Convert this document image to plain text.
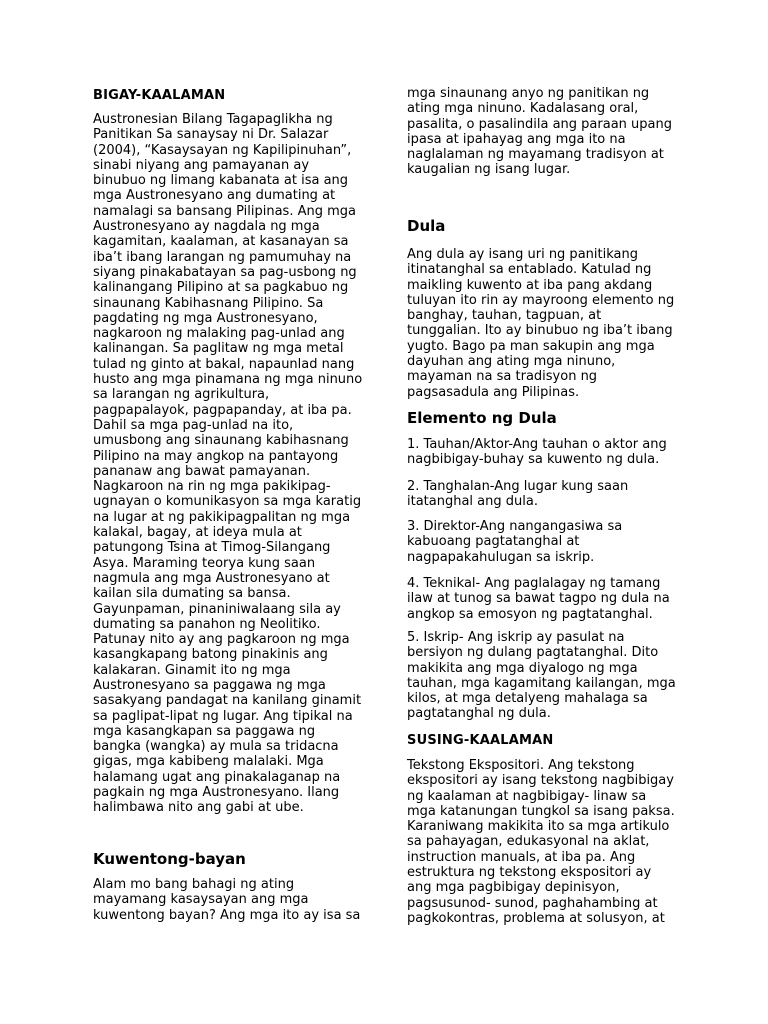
BIGAY-KAALAMAN

Austronesian Bilang Tagapaglikha ng
Panitikan Sa sanaysay ni Dr. Salazar
(2004), “Kasaysayan ng Kapilipinuhan”,
sinabi niyang ang pamayanan ay
binubuo ng limang kabanata at isa ang
mga Austronesyano ang dumating at
namalagi sa bansang Pilipinas. Ang mga
Austronesyano ay nagdala ng mga
kagamitan, kaalaman, at kasanayan sa
iba’t ibang larangan ng pamumuhay na
siyang pinakabatayan sa pag-usbong ng
kalinangang Pilipino at sa pagkabuo ng
sinaunang Kabihasnang Pilipino. Sa
pagdating ng mga Austronesyano,
nagkaroon ng malaking pag-unlad ang
kalinangan. Sa paglitaw ng mga metal
tulad ng ginto at bakal, napaunlad nang
husto ang mga pinamana ng mga ninuno
sa larangan ng agrikultura,
pagpapalayok, pagpapanday, at iba pa.
Dahil sa mga pag-unlad na ito,
umusbong ang sinaunang kabihasnang
Pilipino na may angkop na pantayong
pananaw ang bawat pamayanan.
Nagkaroon na rin ng mga pakikipag-
ugnayan o komunikasyon sa mga karatig
na lugar at ng pakikipagpalitan ng mga
kalakal, bagay, at ideya mula at
patungong Tsina at Timog-Silangang
Asya. Maraming teorya kung saan
nagmula ang mga Austronesyano at
kailan sila dumating sa bansa.
Gayunpaman, pinaniniwalaang sila ay
dumating sa panahon ng Neolitiko.
Patunay nito ay ang pagkaroon ng mga
kasangkapang batong pinakinis ang
kalakaran. Ginamit ito ng mga
Austronesyano sa paggawa ng mga
sasakyang pandagat na kanilang ginamit
sa paglipat-lipat ng lugar. Ang tipikal na
mga kasangkapan sa paggawa ng
bangka (wangka) ay mula sa tridacna
gigas, mga kabibeng malalaki. Mga
halamang ugat ang pinakalaganap na
pagkain ng mga Austronesyano. Ilang
halimbawa nito ang gabi at ube.

Kuwentong-bayan

Alam mo bang bahagi ng ating
mayamang kasaysayan ang mga
kuwentong bayan? Ang mga ito ay isa sa

mga sinaunang anyo ng panitikan ng
ating mga ninuno. Kadalasang oral,
pasalita, o pasalindila ang paraan upang
ipasa at ipahayag ang mga ito na
naglalaman ng mayamang tradisyon at
kaugalian ng isang lugar.

Dula

Ang dula ay isang uri ng panitikang
itinatanghal sa entablado. Katulad ng
maikling kuwento at iba pang akdang
tuluyan ito rin ay mayroong elemento ng
banghay, tauhan, tagpuan, at
tunggalian. Ito ay binubuo ng iba’t ibang
yugto. Bago pa man sakupin ang mga
dayuhan ang ating mga ninuno,
mayaman na sa tradisyon ng
pagsasadula ang Pilipinas.

Elemento ng Dula

1. Tauhan/Aktor-Ang tauhan o aktor ang
nagbibigay-buhay sa kuwento ng dula.

2. Tanghalan-Ang lugar kung saan
itatanghal ang dula.

3. Direktor-Ang nangangasiwa sa
kabuoang pagtatanghal at
nagpapakahulugan sa iskrip.

4. Teknikal- Ang paglalagay ng tamang
ilaw at tunog sa bawat tagpo ng dula na
angkop sa emosyon ng pagtatanghal.

5. Iskrip- Ang iskrip ay pasulat na
bersiyon ng dulang pagtatanghal. Dito
makikita ang mga diyalogo ng mga
tauhan, mga kagamitang kailangan, mga
kilos, at mga detalyeng mahalaga sa
pagtatanghal ng dula.

SUSING-KAALAMAN

Tekstong Ekspositori. Ang tekstong
ekspositori ay isang tekstong nagbibigay
ng kaalaman at nagbibigay- linaw sa
mga katanungan tungkol sa isang paksa.
Karaniwang makikita ito sa mga artikulo
sa pahayagan, edukasyonal na aklat,
instruction manuals, at iba pa. Ang
estruktura ng tekstong ekspositori ay
ang mga pagbibigay depinisyon,
pagsusunod- sunod, paghahambing at
pagkokontras, problema at solusyon, at
